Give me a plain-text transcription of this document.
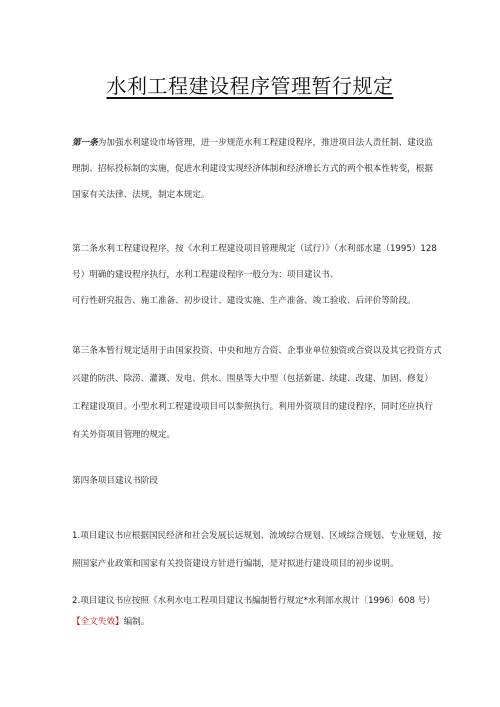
水利工程建设程序管理暂行规定

第一条为加强水利建设市场管理，进一步规范水利工程建设程序，推进项目法人责任制、建设监

理制、招标投标制的实施，促进水利建设实现经济体制和经济增长方式的两个根本性转变，根据

国家有关法律、法规，制定本规定。

第二条水利工程建设程序，按《水利工程建设项目管理规定（试行）》（水利部水建（1995）128

号）明确的建设程序执行，水利工程建设程序一般分为：项目建议书、

可行性研究报告、施工准备、初步设计、建设实施、生产准备、竣工验收、后评价等阶段。

第三条本暂行规定适用于由国家投资、中央和地方合资、企事业单位独资或合资以及其它投资方式

兴建的防洪、除涝、灌溉、发电、供水、围垦等大中型（包括新建、续建、改建、加固、修复）

工程建设项目。小型水利工程建设项目可以参照执行。利用外资项目的建设程序，同时还应执行

有关外资项目管理的规定。

第四条项目建议书阶段

1.项目建议书应根据国民经济和社会发展长远规划、流域综合规划、区域综合规划、专业规划，按

照国家产业政策和国家有关投资建设方针进行编制，是对拟进行建设项目的初步说明。

2.项目建议书应按照《水利水电工程项目建议书编制暂行规定*水利部水规计〔1996〕608 号）

【全文失效】编制。
